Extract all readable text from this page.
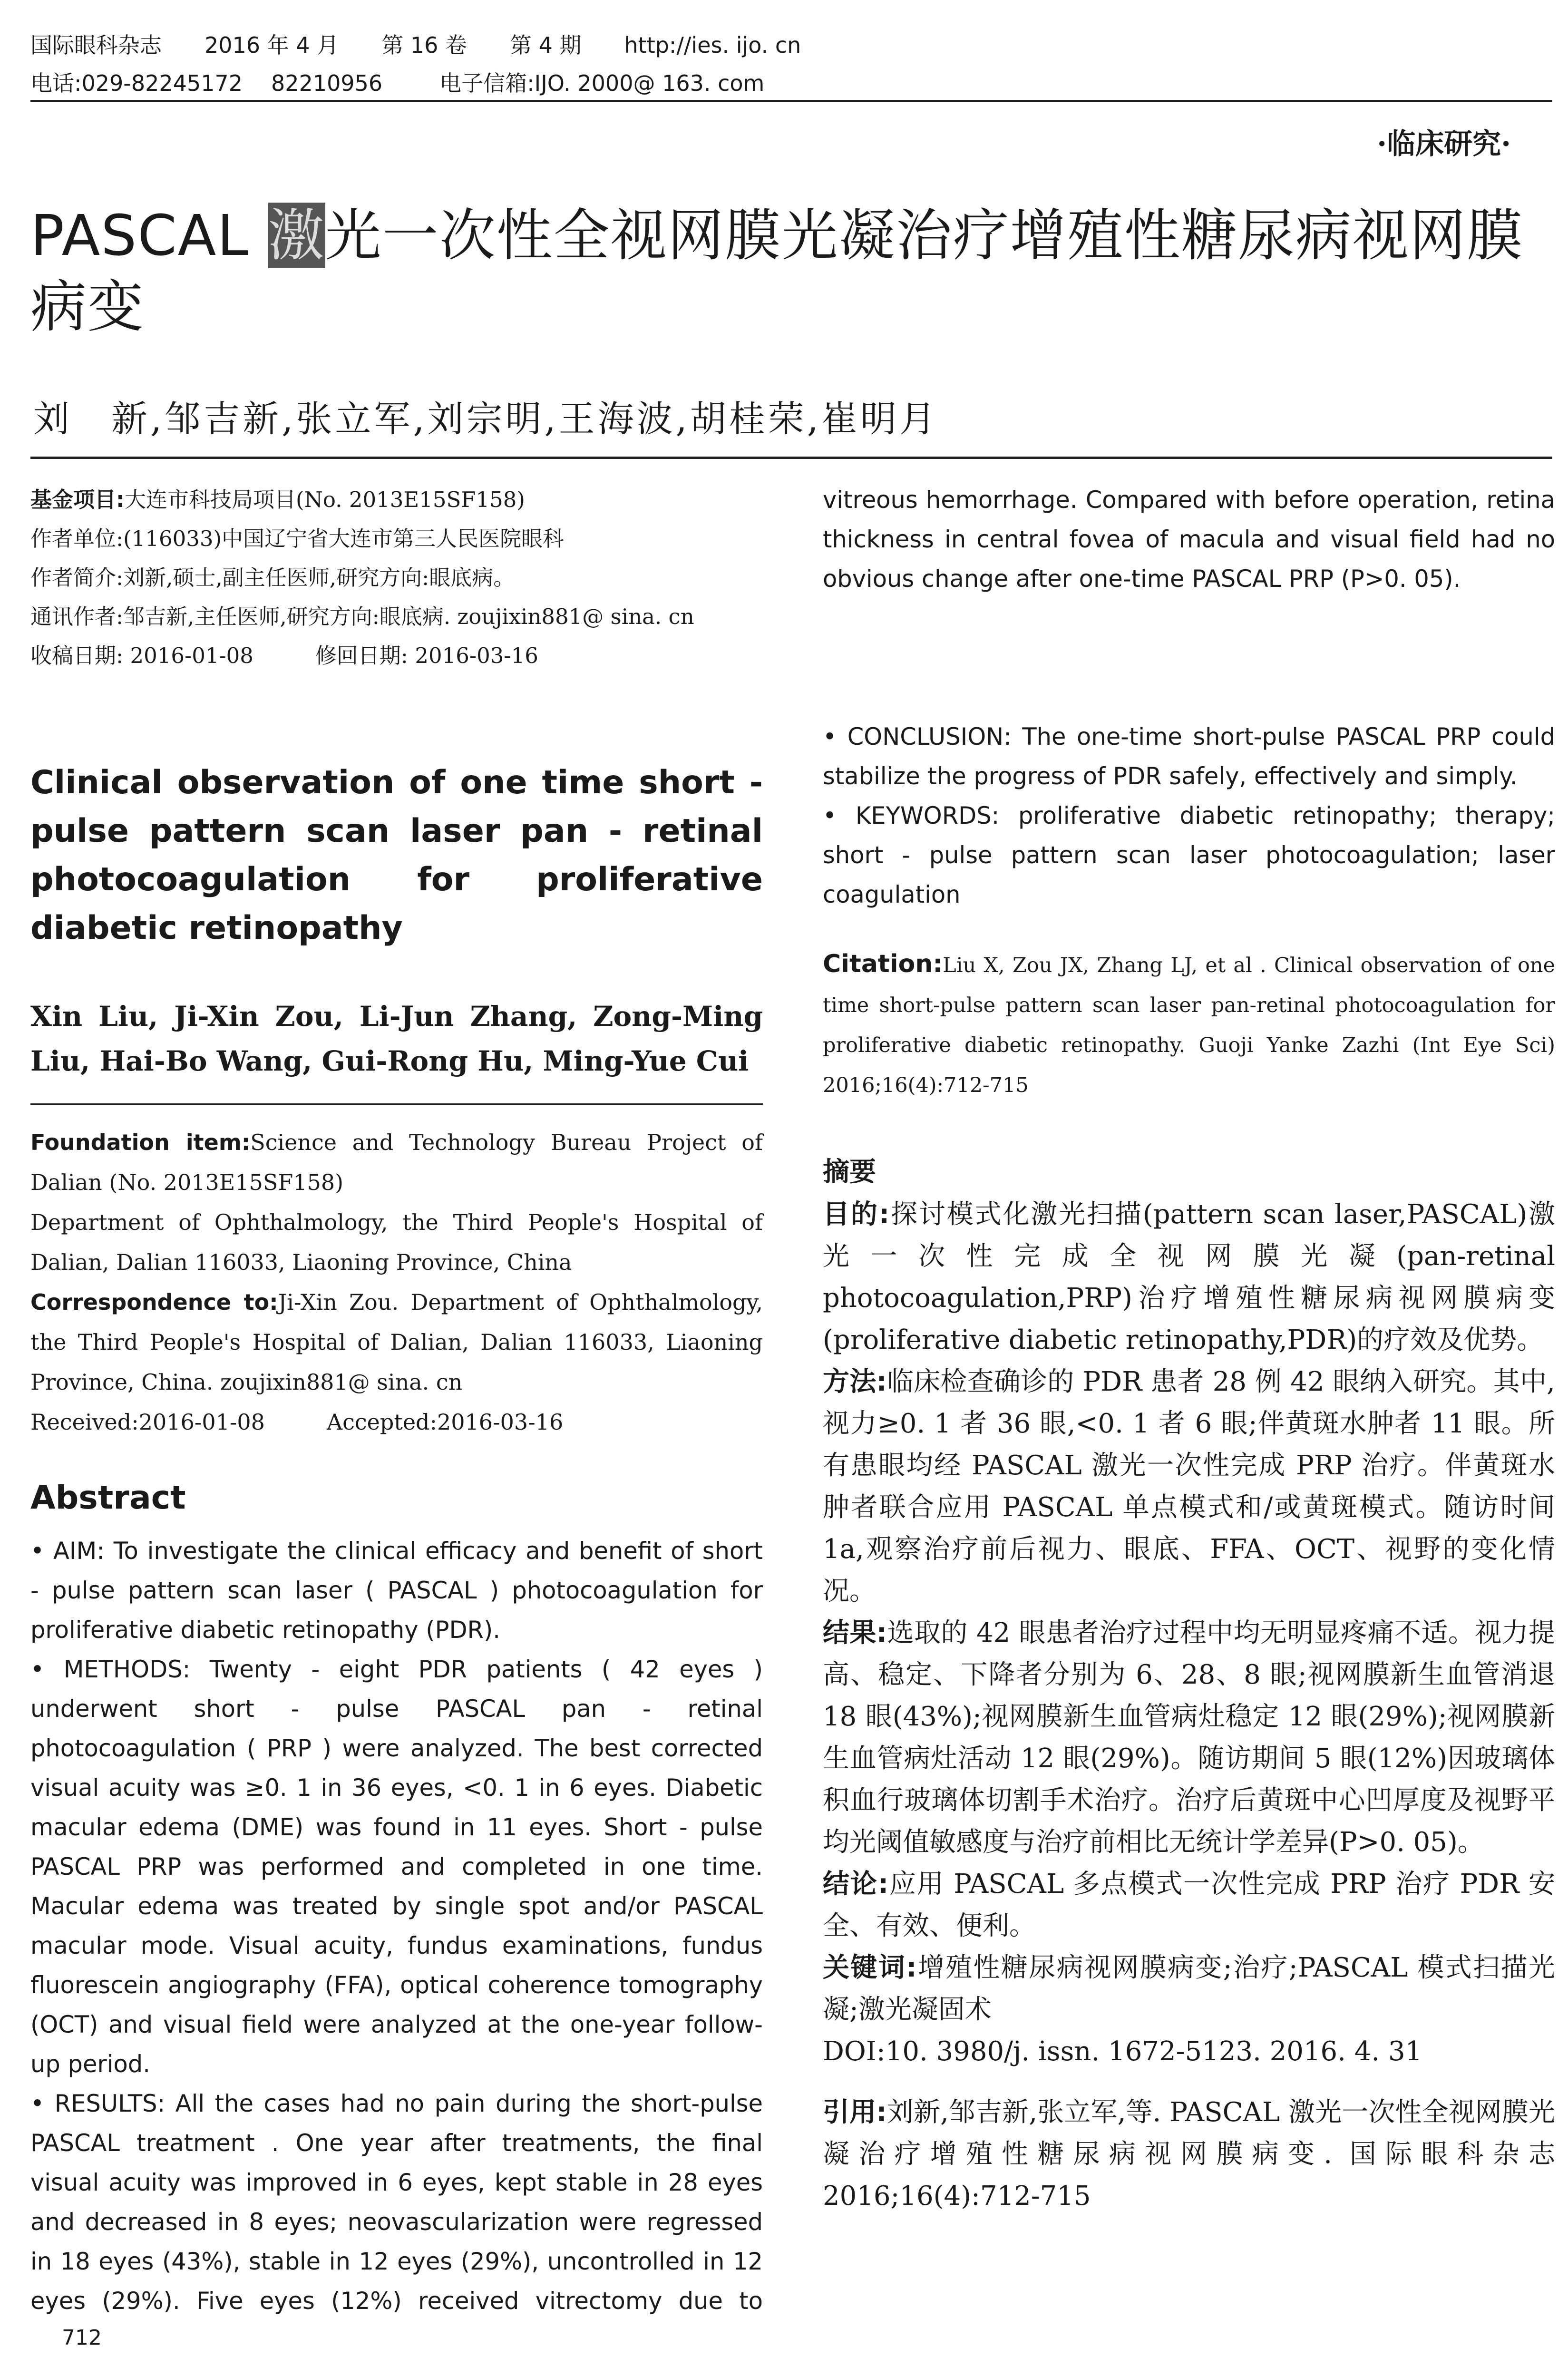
国际眼科杂志 2016 年 4 月 第 16 卷 第 4 期 http://ies. ijo. cn
电话:029-82245172 82210956	电子信箱:IJO. 2000@ 163. com
·临床研究·
PASCAL 激光一次性全视网膜光凝治疗增殖性糖尿病视网膜病变
刘　新,邹吉新,张立军,刘宗明,王海波,胡桂荣,崔明月
基金项目:大连市科技局项目(No. 2013E15SF158)
作者单位:(116033)中国辽宁省大连市第三人民医院眼科
作者简介:刘新,硕士,副主任医师,研究方向:眼底病。
通讯作者:邹吉新,主任医师,研究方向:眼底病. zoujixin881@ sina. cn
收稿日期: 2016-01-08	修回日期: 2016-03-16
Clinical observation of one time short - pulse pattern scan laser pan - retinal photocoagulation for proliferative diabetic retinopathy
Xin Liu, Ji-Xin Zou, Li-Jun Zhang, Zong-Ming Liu, Hai-Bo Wang, Gui-Rong Hu, Ming-Yue Cui
Foundation item:Science and Technology Bureau Project of Dalian (No. 2013E15SF158)
Department of Ophthalmology, the Third People's Hospital of Dalian, Dalian 116033, Liaoning Province, China
Correspondence to:Ji-Xin Zou. Department of Ophthalmology, the Third People's Hospital of Dalian, Dalian 116033, Liaoning Province, China. zoujixin881@ sina. cn
Received:2016-01-08	Accepted:2016-03-16
Abstract

• AIM: To investigate the clinical efficacy and benefit of short - pulse pattern scan laser ( PASCAL ) photocoagulation for proliferative diabetic retinopathy (PDR).

• METHODS: Twenty - eight PDR patients ( 42 eyes ) underwent short - pulse PASCAL pan - retinal photocoagulation ( PRP ) were analyzed. The best corrected visual acuity was ≥0. 1 in 36 eyes, <0. 1 in 6 eyes. Diabetic macular edema (DME) was found in 11 eyes. Short - pulse PASCAL PRP was performed and completed in one time. Macular edema was treated by single spot and/or PASCAL macular mode. Visual acuity, fundus examinations, fundus fluorescein angiography (FFA), optical coherence tomography (OCT) and visual field were analyzed at the one-year follow-up period.

• RESULTS: All the cases had no pain during the short-pulse PASCAL treatment . One year after treatments, the final visual acuity was improved in 6 eyes, kept stable in 28 eyes and decreased in 8 eyes; neovascularization were regressed in 18 eyes (43%), stable in 12 eyes (29%), uncontrolled in 12 eyes (29%). Five eyes (12%) received vitrectomy due to

vitreous hemorrhage. Compared with before operation, retina thickness in central fovea of macula and visual field had no obvious change after one-time PASCAL PRP (P>0. 05).

• CONCLUSION: The one-time short-pulse PASCAL PRP could stabilize the progress of PDR safely, effectively and simply.

• KEYWORDS: proliferative diabetic retinopathy; therapy; short - pulse pattern scan laser photocoagulation; laser coagulation

Citation:Liu X, Zou JX, Zhang LJ, et al . Clinical observation of one time short-pulse pattern scan laser pan-retinal photocoagulation for proliferative diabetic retinopathy. Guoji Yanke Zazhi (Int Eye Sci) 2016;16(4):712-715

摘要

目的:探讨模式化激光扫描(pattern scan laser,PASCAL)激光一次性完成全视网膜光凝(pan-retinal photocoagulation,PRP)治疗增殖性糖尿病视网膜病变(proliferative diabetic retinopathy,PDR)的疗效及优势。

方法:临床检查确诊的 PDR 患者 28 例 42 眼纳入研究。其中,视力≥0. 1 者 36 眼,<0. 1 者 6 眼;伴黄斑水肿者 11 眼。所有患眼均经 PASCAL 激光一次性完成 PRP 治疗。伴黄斑水肿者联合应用 PASCAL 单点模式和/或黄斑模式。随访时间 1a,观察治疗前后视力、眼底、FFA、OCT、视野的变化情况。

结果:选取的 42 眼患者治疗过程中均无明显疼痛不适。视力提高、稳定、下降者分别为 6、28、8 眼;视网膜新生血管消退 18 眼(43%);视网膜新生血管病灶稳定 12 眼(29%);视网膜新生血管病灶活动 12 眼(29%)。随访期间 5 眼(12%)因玻璃体积血行玻璃体切割手术治疗。治疗后黄斑中心凹厚度及视野平均光阈值敏感度与治疗前相比无统计学差异(P>0. 05)。

结论:应用 PASCAL 多点模式一次性完成 PRP 治疗 PDR 安全、有效、便利。

关键词:增殖性糖尿病视网膜病变;治疗;PASCAL 模式扫描光凝;激光凝固术

DOI:10. 3980/j. issn. 1672-5123. 2016. 4. 31

引用:刘新,邹吉新,张立军,等. PASCAL 激光一次性全视网膜光凝治疗增殖性糖尿病视网膜病变. 国际眼科杂志 2016;16(4):712-715

712
